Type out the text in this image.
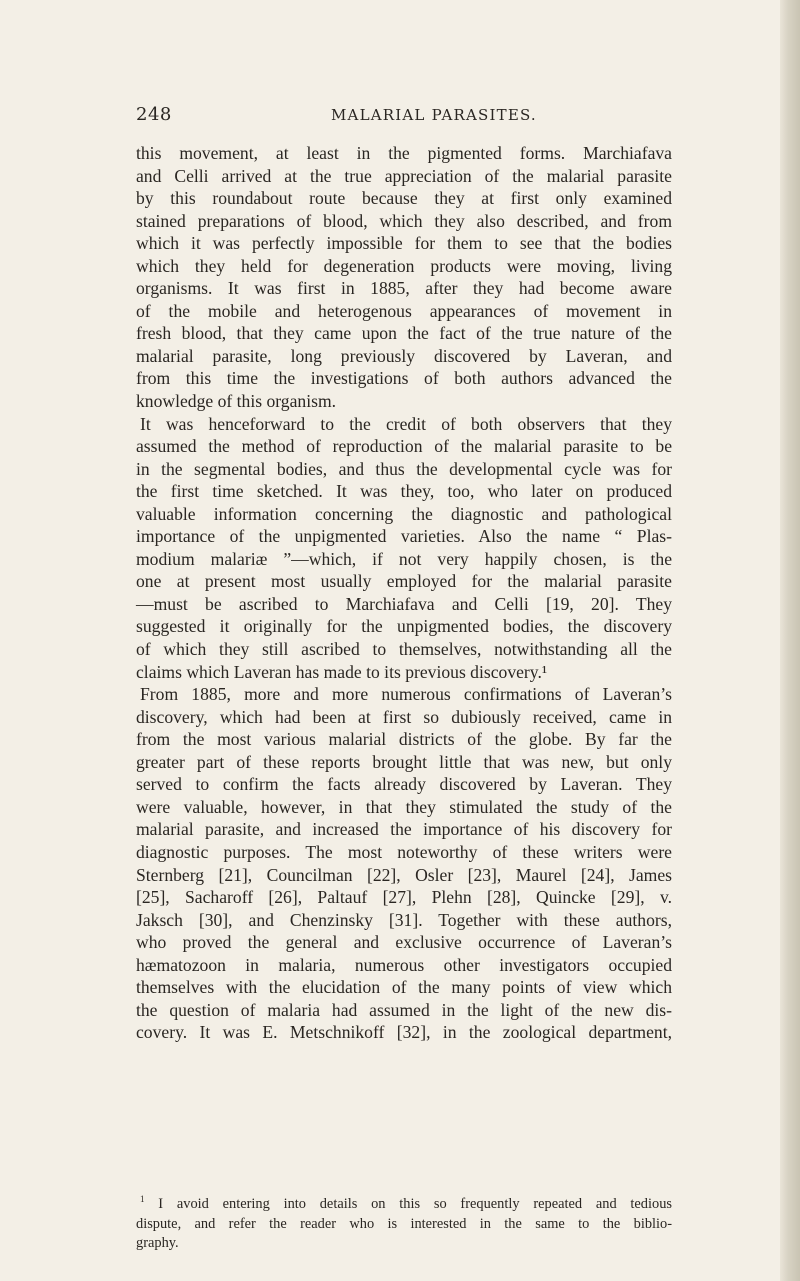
248	MALARIAL PARASITES.
this movement, at least in the pigmented forms. Marchiafava
and Celli arrived at the true appreciation of the malarial parasite
by this roundabout route because they at first only examined
stained preparations of blood, which they also described, and from
which it was perfectly impossible for them to see that the bodies
which they held for degeneration products were moving, living
organisms. It was first in 1885, after they had become aware
of the mobile and heterogenous appearances of movement in
fresh blood, that they came upon the fact of the true nature of the
malarial parasite, long previously discovered by Laveran, and
from this time the investigations of both authors advanced the
knowledge of this organism.
It was henceforward to the credit of both observers that they
assumed the method of reproduction of the malarial parasite to be
in the segmental bodies, and thus the developmental cycle was for
the first time sketched. It was they, too, who later on produced
valuable information concerning the diagnostic and pathological
importance of the unpigmented varieties. Also the name “ Plas-
modium malariæ ”—which, if not very happily chosen, is the
one at present most usually employed for the malarial parasite
—must be ascribed to Marchiafava and Celli [19, 20]. They
suggested it originally for the unpigmented bodies, the discovery
of which they still ascribed to themselves, notwithstanding all the
claims which Laveran has made to its previous discovery.¹
From 1885, more and more numerous confirmations of Laveran’s
discovery, which had been at first so dubiously received, came in
from the most various malarial districts of the globe. By far the
greater part of these reports brought little that was new, but only
served to confirm the facts already discovered by Laveran. They
were valuable, however, in that they stimulated the study of the
malarial parasite, and increased the importance of his discovery for
diagnostic purposes. The most noteworthy of these writers were
Sternberg [21], Councilman [22], Osler [23], Maurel [24], James
[25], Sacharoff [26], Paltauf [27], Plehn [28], Quincke [29], v.
Jaksch [30], and Chenzinsky [31]. Together with these authors,
who proved the general and exclusive occurrence of Laveran’s
hæmatozoon in malaria, numerous other investigators occupied
themselves with the elucidation of the many points of view which
the question of malaria had assumed in the light of the new dis-
covery. It was E. Metschnikoff [32], in the zoological department,
$^1$ I avoid entering into details on this so frequently repeated and tedious
dispute, and refer the reader who is interested in the same to the biblio-
graphy.
